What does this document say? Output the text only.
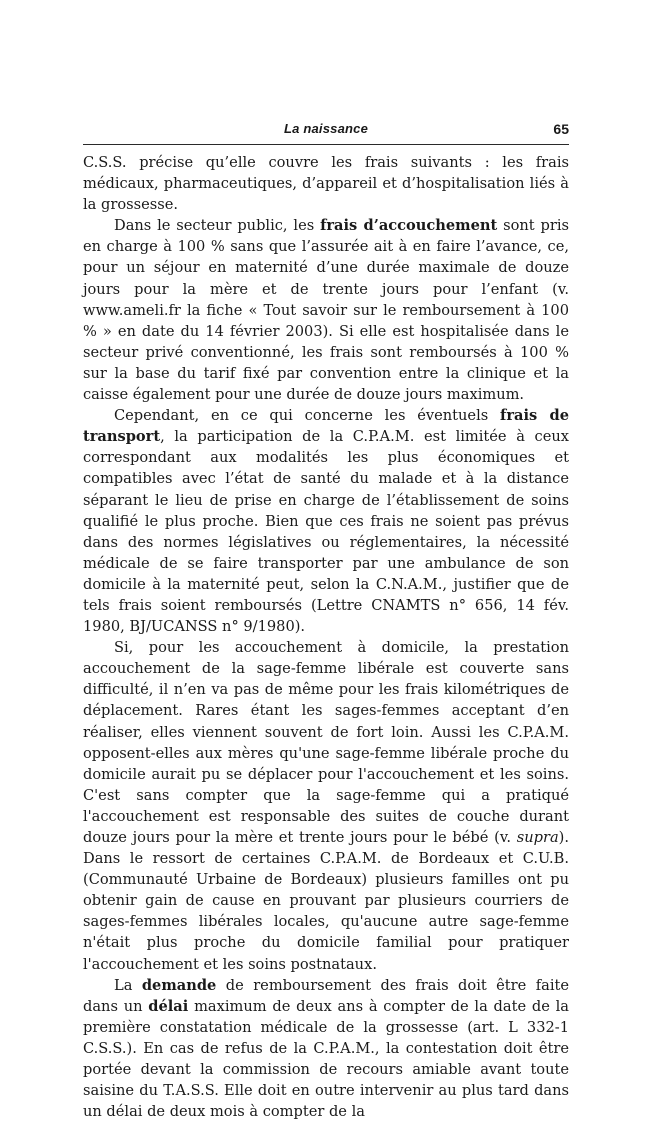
La naissance	65

C.S.S. précise qu’elle couvre les frais suivants : les frais médicaux, pharmaceutiques, d’appareil et d’hospitalisation liés à la grossesse.

Dans le secteur public, les frais d’accouchement sont pris en charge à 100 % sans que l’assurée ait à en faire l’avance, ce, pour un séjour en maternité d’une durée maximale de douze jours pour la mère et de trente jours pour l’enfant (v. www.ameli.fr la fiche « Tout savoir sur le remboursement à 100 % » en date du 14 février 2003). Si elle est hospitalisée dans le secteur privé conventionné, les frais sont remboursés à 100 % sur la base du tarif fixé par convention entre la clinique et la caisse également pour une durée de douze jours maximum.

Cependant, en ce qui concerne les éventuels frais de transport, la participation de la C.P.A.M. est limitée à ceux correspondant aux modalités les plus économiques et compatibles avec l’état de santé du malade et à la distance séparant le lieu de prise en charge de l’établissement de soins qualifié le plus proche. Bien que ces frais ne soient pas prévus dans des normes législatives ou réglementaires, la nécessité médicale de se faire transporter par une ambulance de son domicile à la maternité peut, selon la C.N.A.M., justifier que de tels frais soient remboursés (Lettre CNAMTS n° 656, 14 fév. 1980, BJ/UCANSS n° 9/1980).

Si, pour les accouchement à domicile, la prestation accouchement de la sage-femme libérale est couverte sans difficulté, il n’en va pas de même pour les frais kilométriques de déplacement. Rares étant les sages-femmes acceptant d’en réaliser, elles viennent souvent de fort loin. Aussi les C.P.A.M. opposent-elles aux mères qu'une sage-femme libérale proche du domicile aurait pu se déplacer pour l'accouchement et les soins. C'est sans compter que la sage-femme qui a pratiqué l'accouchement est responsable des suites de couche durant douze jours pour la mère et trente jours pour le bébé (v. supra). Dans le ressort de certaines C.P.A.M. de Bordeaux et C.U.B. (Communauté Urbaine de Bordeaux) plusieurs familles ont pu obtenir gain de cause en prouvant par plusieurs courriers de sages-femmes libérales locales, qu'aucune autre sage-femme n'était plus proche du domicile familial pour pratiquer l'accouchement et les soins postnataux.

La demande de remboursement des frais doit être faite dans un délai maximum de deux ans à compter de la date de la première constatation médicale de la grossesse (art. L 332-1 C.S.S.). En cas de refus de la C.P.A.M., la contestation doit être portée devant la commission de recours amiable avant toute saisine du T.A.S.S. Elle doit en outre intervenir au plus tard dans un délai de deux mois à compter de la
